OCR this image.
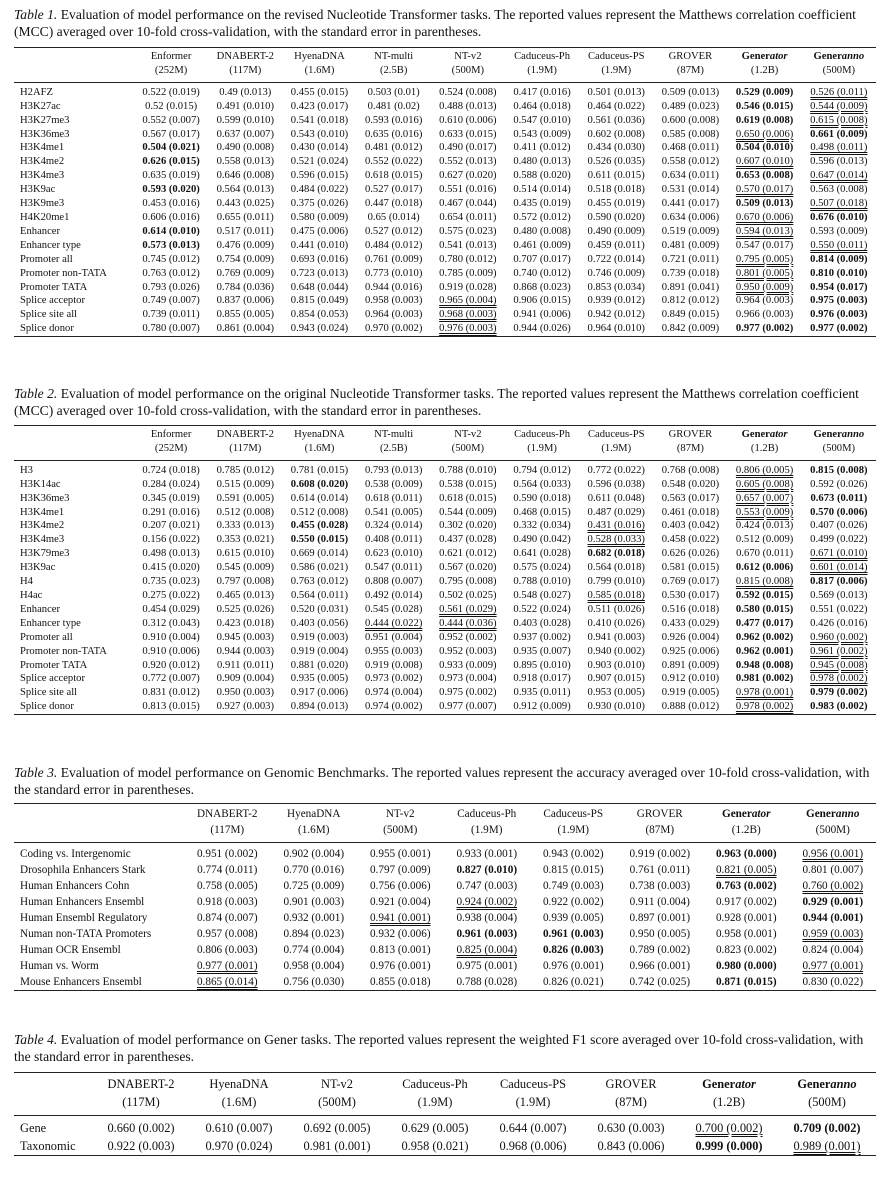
Table 1. Evaluation of model performance on the revised Nucleotide Transformer tasks. The reported values represent the Matthews correlation coefficient (MCC) averaged over 10-fold cross-validation, with the standard error in parentheses.

	Enformer	DNABERT-2	HyenaDNA	NT-multi	NT-v2	Caduceus-Ph	Caduceus-PS	GROVER	Generator	Generanno
	(252M)	(117M)	(1.6M)	(2.5B)	(500M)	(1.9M)	(1.9M)	(87M)	(1.2B)	(500M)
H2AFZ	0.522 (0.019)	0.49 (0.013)	0.455 (0.015)	0.503 (0.01)	0.524 (0.008)	0.417 (0.016)	0.501 (0.013)	0.509 (0.013)	0.529 (0.009)	0.526 (0.011)
H3K27ac	0.52 (0.015)	0.491 (0.010)	0.423 (0.017)	0.481 (0.02)	0.488 (0.013)	0.464 (0.018)	0.464 (0.022)	0.489 (0.023)	0.546 (0.015)	0.544 (0.009)
H3K27me3	0.552 (0.007)	0.599 (0.010)	0.541 (0.018)	0.593 (0.016)	0.610 (0.006)	0.547 (0.010)	0.561 (0.036)	0.600 (0.008)	0.619 (0.008)	0.615 (0.008)
H3K36me3	0.567 (0.017)	0.637 (0.007)	0.543 (0.010)	0.635 (0.016)	0.633 (0.015)	0.543 (0.009)	0.602 (0.008)	0.585 (0.008)	0.650 (0.006)	0.661 (0.009)
H3K4me1	0.504 (0.021)	0.490 (0.008)	0.430 (0.014)	0.481 (0.012)	0.490 (0.017)	0.411 (0.012)	0.434 (0.030)	0.468 (0.011)	0.504 (0.010)	0.498 (0.011)
H3K4me2	0.626 (0.015)	0.558 (0.013)	0.521 (0.024)	0.552 (0.022)	0.552 (0.013)	0.480 (0.013)	0.526 (0.035)	0.558 (0.012)	0.607 (0.010)	0.596 (0.013)
H3K4me3	0.635 (0.019)	0.646 (0.008)	0.596 (0.015)	0.618 (0.015)	0.627 (0.020)	0.588 (0.020)	0.611 (0.015)	0.634 (0.011)	0.653 (0.008)	0.647 (0.014)
H3K9ac	0.593 (0.020)	0.564 (0.013)	0.484 (0.022)	0.527 (0.017)	0.551 (0.016)	0.514 (0.014)	0.518 (0.018)	0.531 (0.014)	0.570 (0.017)	0.563 (0.008)
H3K9me3	0.453 (0.016)	0.443 (0.025)	0.375 (0.026)	0.447 (0.018)	0.467 (0.044)	0.435 (0.019)	0.455 (0.019)	0.441 (0.017)	0.509 (0.013)	0.507 (0.018)
H4K20me1	0.606 (0.016)	0.655 (0.011)	0.580 (0.009)	0.65 (0.014)	0.654 (0.011)	0.572 (0.012)	0.590 (0.020)	0.634 (0.006)	0.670 (0.006)	0.676 (0.010)
Enhancer	0.614 (0.010)	0.517 (0.011)	0.475 (0.006)	0.527 (0.012)	0.575 (0.023)	0.480 (0.008)	0.490 (0.009)	0.519 (0.009)	0.594 (0.013)	0.593 (0.009)
Enhancer type	0.573 (0.013)	0.476 (0.009)	0.441 (0.010)	0.484 (0.012)	0.541 (0.013)	0.461 (0.009)	0.459 (0.011)	0.481 (0.009)	0.547 (0.017)	0.550 (0.011)
Promoter all	0.745 (0.012)	0.754 (0.009)	0.693 (0.016)	0.761 (0.009)	0.780 (0.012)	0.707 (0.017)	0.722 (0.014)	0.721 (0.011)	0.795 (0.005)	0.814 (0.009)
Promoter non-TATA	0.763 (0.012)	0.769 (0.009)	0.723 (0.013)	0.773 (0.010)	0.785 (0.009)	0.740 (0.012)	0.746 (0.009)	0.739 (0.018)	0.801 (0.005)	0.810 (0.010)
Promoter TATA	0.793 (0.026)	0.784 (0.036)	0.648 (0.044)	0.944 (0.016)	0.919 (0.028)	0.868 (0.023)	0.853 (0.034)	0.891 (0.041)	0.950 (0.009)	0.954 (0.017)
Splice acceptor	0.749 (0.007)	0.837 (0.006)	0.815 (0.049)	0.958 (0.003)	0.965 (0.004)	0.906 (0.015)	0.939 (0.012)	0.812 (0.012)	0.964 (0.003)	0.975 (0.003)
Splice site all	0.739 (0.011)	0.855 (0.005)	0.854 (0.053)	0.964 (0.003)	0.968 (0.003)	0.941 (0.006)	0.942 (0.012)	0.849 (0.015)	0.966 (0.003)	0.976 (0.003)
Splice donor	0.780 (0.007)	0.861 (0.004)	0.943 (0.024)	0.970 (0.002)	0.976 (0.003)	0.944 (0.026)	0.964 (0.010)	0.842 (0.009)	0.977 (0.002)	0.977 (0.002)

Table 2. Evaluation of model performance on the original Nucleotide Transformer tasks. The reported values represent the Matthews correlation coefficient (MCC) averaged over 10-fold cross-validation, with the standard error in parentheses.

	Enformer	DNABERT-2	HyenaDNA	NT-multi	NT-v2	Caduceus-Ph	Caduceus-PS	GROVER	Generator	Generanno
	(252M)	(117M)	(1.6M)	(2.5B)	(500M)	(1.9M)	(1.9M)	(87M)	(1.2B)	(500M)
H3	0.724 (0.018)	0.785 (0.012)	0.781 (0.015)	0.793 (0.013)	0.788 (0.010)	0.794 (0.012)	0.772 (0.022)	0.768 (0.008)	0.806 (0.005)	0.815 (0.008)
H3K14ac	0.284 (0.024)	0.515 (0.009)	0.608 (0.020)	0.538 (0.009)	0.538 (0.015)	0.564 (0.033)	0.596 (0.038)	0.548 (0.020)	0.605 (0.008)	0.592 (0.026)
H3K36me3	0.345 (0.019)	0.591 (0.005)	0.614 (0.014)	0.618 (0.011)	0.618 (0.015)	0.590 (0.018)	0.611 (0.048)	0.563 (0.017)	0.657 (0.007)	0.673 (0.011)
H3K4me1	0.291 (0.016)	0.512 (0.008)	0.512 (0.008)	0.541 (0.005)	0.544 (0.009)	0.468 (0.015)	0.487 (0.029)	0.461 (0.018)	0.553 (0.009)	0.570 (0.006)
H3K4me2	0.207 (0.021)	0.333 (0.013)	0.455 (0.028)	0.324 (0.014)	0.302 (0.020)	0.332 (0.034)	0.431 (0.016)	0.403 (0.042)	0.424 (0.013)	0.407 (0.026)
H3K4me3	0.156 (0.022)	0.353 (0.021)	0.550 (0.015)	0.408 (0.011)	0.437 (0.028)	0.490 (0.042)	0.528 (0.033)	0.458 (0.022)	0.512 (0.009)	0.499 (0.022)
H3K79me3	0.498 (0.013)	0.615 (0.010)	0.669 (0.014)	0.623 (0.010)	0.621 (0.012)	0.641 (0.028)	0.682 (0.018)	0.626 (0.026)	0.670 (0.011)	0.671 (0.010)
H3K9ac	0.415 (0.020)	0.545 (0.009)	0.586 (0.021)	0.547 (0.011)	0.567 (0.020)	0.575 (0.024)	0.564 (0.018)	0.581 (0.015)	0.612 (0.006)	0.601 (0.014)
H4	0.735 (0.023)	0.797 (0.008)	0.763 (0.012)	0.808 (0.007)	0.795 (0.008)	0.788 (0.010)	0.799 (0.010)	0.769 (0.017)	0.815 (0.008)	0.817 (0.006)
H4ac	0.275 (0.022)	0.465 (0.013)	0.564 (0.011)	0.492 (0.014)	0.502 (0.025)	0.548 (0.027)	0.585 (0.018)	0.530 (0.017)	0.592 (0.015)	0.569 (0.013)
Enhancer	0.454 (0.029)	0.525 (0.026)	0.520 (0.031)	0.545 (0.028)	0.561 (0.029)	0.522 (0.024)	0.511 (0.026)	0.516 (0.018)	0.580 (0.015)	0.551 (0.022)
Enhancer type	0.312 (0.043)	0.423 (0.018)	0.403 (0.056)	0.444 (0.022)	0.444 (0.036)	0.403 (0.028)	0.410 (0.026)	0.433 (0.029)	0.477 (0.017)	0.426 (0.016)
Promoter all	0.910 (0.004)	0.945 (0.003)	0.919 (0.003)	0.951 (0.004)	0.952 (0.002)	0.937 (0.002)	0.941 (0.003)	0.926 (0.004)	0.962 (0.002)	0.960 (0.002)
Promoter non-TATA	0.910 (0.006)	0.944 (0.003)	0.919 (0.004)	0.955 (0.003)	0.952 (0.003)	0.935 (0.007)	0.940 (0.002)	0.925 (0.006)	0.962 (0.001)	0.961 (0.002)
Promoter TATA	0.920 (0.012)	0.911 (0.011)	0.881 (0.020)	0.919 (0.008)	0.933 (0.009)	0.895 (0.010)	0.903 (0.010)	0.891 (0.009)	0.948 (0.008)	0.945 (0.008)
Splice acceptor	0.772 (0.007)	0.909 (0.004)	0.935 (0.005)	0.973 (0.002)	0.973 (0.004)	0.918 (0.017)	0.907 (0.015)	0.912 (0.010)	0.981 (0.002)	0.978 (0.002)
Splice site all	0.831 (0.012)	0.950 (0.003)	0.917 (0.006)	0.974 (0.004)	0.975 (0.002)	0.935 (0.011)	0.953 (0.005)	0.919 (0.005)	0.978 (0.001)	0.979 (0.002)
Splice donor	0.813 (0.015)	0.927 (0.003)	0.894 (0.013)	0.974 (0.002)	0.977 (0.007)	0.912 (0.009)	0.930 (0.010)	0.888 (0.012)	0.978 (0.002)	0.983 (0.002)

Table 3. Evaluation of model performance on Genomic Benchmarks. The reported values represent the accuracy averaged over 10-fold cross-validation, with the standard error in parentheses.

	DNABERT-2	HyenaDNA	NT-v2	Caduceus-Ph	Caduceus-PS	GROVER	Generator	Generanno
	(117M)	(1.6M)	(500M)	(1.9M)	(1.9M)	(87M)	(1.2B)	(500M)
Coding vs. Intergenomic	0.951 (0.002)	0.902 (0.004)	0.955 (0.001)	0.933 (0.001)	0.943 (0.002)	0.919 (0.002)	0.963 (0.000)	0.956 (0.001)
Drosophila Enhancers Stark	0.774 (0.011)	0.770 (0.016)	0.797 (0.009)	0.827 (0.010)	0.815 (0.015)	0.761 (0.011)	0.821 (0.005)	0.801 (0.007)
Human Enhancers Cohn	0.758 (0.005)	0.725 (0.009)	0.756 (0.006)	0.747 (0.003)	0.749 (0.003)	0.738 (0.003)	0.763 (0.002)	0.760 (0.002)
Human Enhancers Ensembl	0.918 (0.003)	0.901 (0.003)	0.921 (0.004)	0.924 (0.002)	0.922 (0.002)	0.911 (0.004)	0.917 (0.002)	0.929 (0.001)
Human Ensembl Regulatory	0.874 (0.007)	0.932 (0.001)	0.941 (0.001)	0.938 (0.004)	0.939 (0.005)	0.897 (0.001)	0.928 (0.001)	0.944 (0.001)
Numan non-TATA Promoters	0.957 (0.008)	0.894 (0.023)	0.932 (0.006)	0.961 (0.003)	0.961 (0.003)	0.950 (0.005)	0.958 (0.001)	0.959 (0.003)
Human OCR Ensembl	0.806 (0.003)	0.774 (0.004)	0.813 (0.001)	0.825 (0.004)	0.826 (0.003)	0.789 (0.002)	0.823 (0.002)	0.824 (0.004)
Human vs. Worm	0.977 (0.001)	0.958 (0.004)	0.976 (0.001)	0.975 (0.001)	0.976 (0.001)	0.966 (0.001)	0.980 (0.000)	0.977 (0.001)
Mouse Enhancers Ensembl	0.865 (0.014)	0.756 (0.030)	0.855 (0.018)	0.788 (0.028)	0.826 (0.021)	0.742 (0.025)	0.871 (0.015)	0.830 (0.022)

Table 4. Evaluation of model performance on Gener tasks. The reported values represent the weighted F1 score averaged over 10-fold cross-validation, with the standard error in parentheses.

	DNABERT-2	HyenaDNA	NT-v2	Caduceus-Ph	Caduceus-PS	GROVER	Generator	Generanno
	(117M)	(1.6M)	(500M)	(1.9M)	(1.9M)	(87M)	(1.2B)	(500M)
Gene	0.660 (0.002)	0.610 (0.007)	0.692 (0.005)	0.629 (0.005)	0.644 (0.007)	0.630 (0.003)	0.700 (0.002)	0.709 (0.002)
Taxonomic	0.922 (0.003)	0.970 (0.024)	0.981 (0.001)	0.958 (0.021)	0.968 (0.006)	0.843 (0.006)	0.999 (0.000)	0.989 (0.001)
